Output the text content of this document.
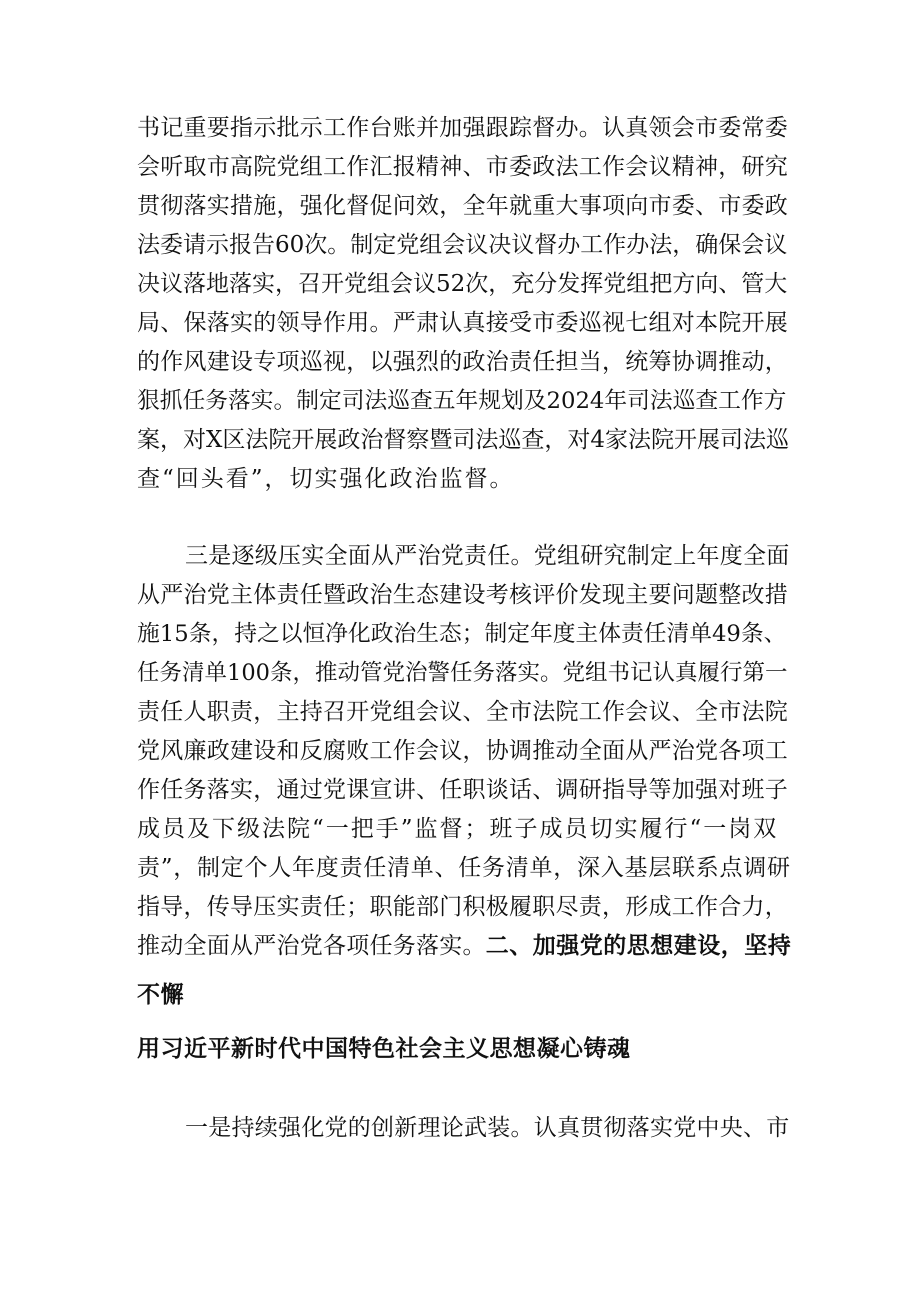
书记重要指示批示工作台账并加强跟踪督办。认真领会市委常委
会听取市高院党组工作汇报精神、市委政法工作会议精神，研究
贯彻落实措施，强化督促问效，全年就重大事项向市委、市委政
法委请示报告60次。制定党组会议决议督办工作办法，确保会议
决议落地落实，召开党组会议52次，充分发挥党组把方向、管大
局、保落实的领导作用。严肃认真接受市委巡视七组对本院开展
的作风建设专项巡视，以强烈的政治责任担当，统筹协调推动，
狠抓任务落实。制定司法巡查五年规划及2024年司法巡查工作方
案，对X区法院开展政治督察暨司法巡查，对4家法院开展司法巡
查“回头看”，切实强化政治监督。
三是逐级压实全面从严治党责任。党组研究制定上年度全面
从严治党主体责任暨政治生态建设考核评价发现主要问题整改措
施15条，持之以恒净化政治生态；制定年度主体责任清单49条、
任务清单100条，推动管党治警任务落实。党组书记认真履行第一
责任人职责，主持召开党组会议、全市法院工作会议、全市法院
党风廉政建设和反腐败工作会议，协调推动全面从严治党各项工
作任务落实，通过党课宣讲、任职谈话、调研指导等加强对班子
成员及下级法院“一把手”监督；班子成员切实履行“一岗双
责”，制定个人年度责任清单、任务清单，深入基层联系点调研
指导，传导压实责任；职能部门积极履职尽责，形成工作合力，
推动全面从严治党各项任务落实。二、加强党的思想建设，坚持
不懈
用习近平新时代中国特色社会主义思想凝心铸魂
一是持续强化党的创新理论武装。认真贯彻落实党中央、市
